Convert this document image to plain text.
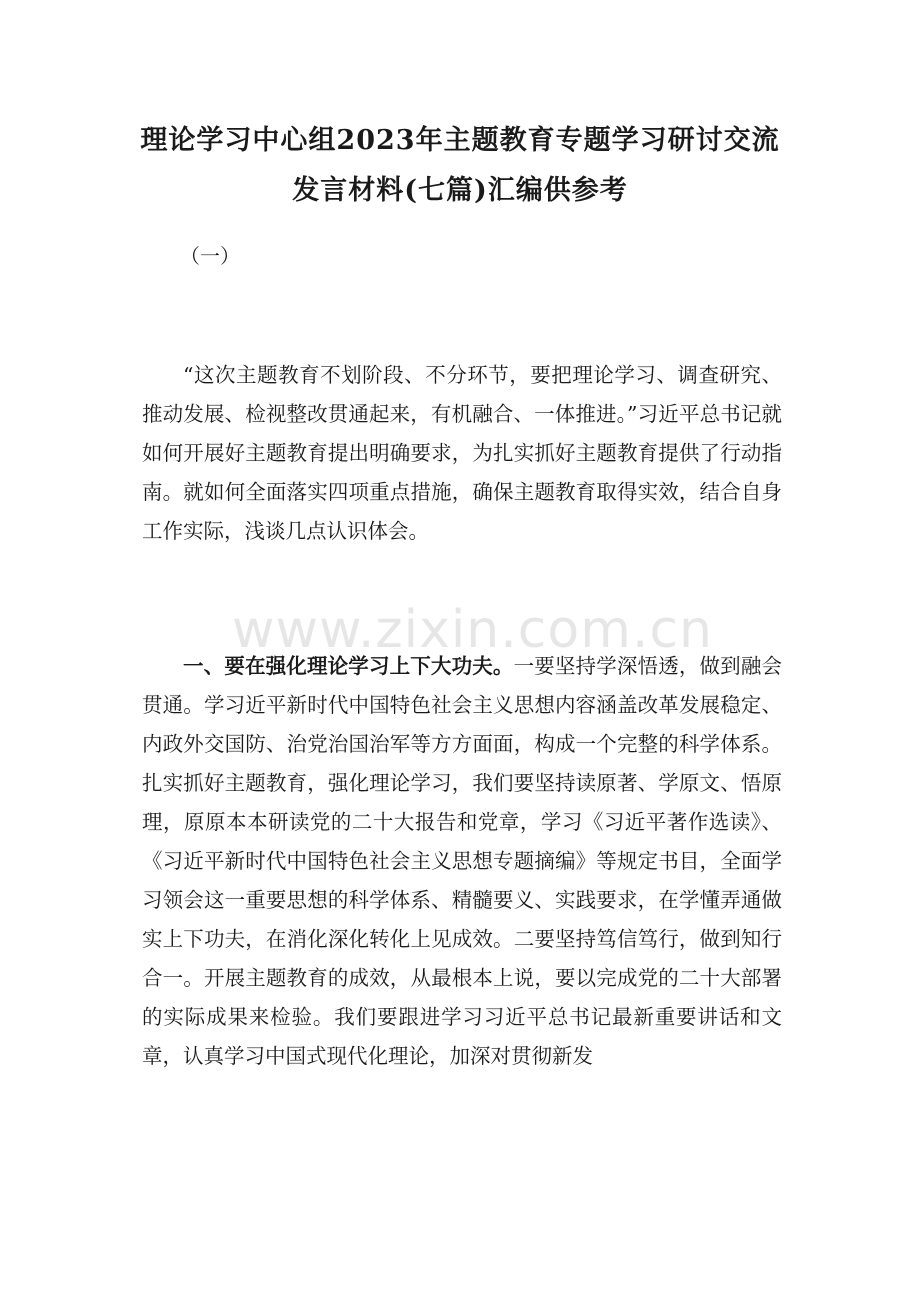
理论学习中心组2023年主题教育专题学习研讨交流
发言材料(七篇)汇编供参考

（一）

“这次主题教育不划阶段、不分环节，要把理论学习、调查研究、推动发展、检视整改贯通起来，有机融合、一体推进。”习近平总书记就如何开展好主题教育提出明确要求，为扎实抓好主题教育提供了行动指南。就如何全面落实四项重点措施，确保主题教育取得实效，结合自身工作实际，浅谈几点认识体会。

一、要在强化理论学习上下大功夫。一要坚持学深悟透，做到融会贯通。学习近平新时代中国特色社会主义思想内容涵盖改革发展稳定、内政外交国防、治党治国治军等方方面面，构成一个完整的科学体系。扎实抓好主题教育，强化理论学习，我们要坚持读原著、学原文、悟原理，原原本本研读党的二十大报告和党章，学习《习近平著作选读》、《习近平新时代中国特色社会主义思想专题摘编》等规定书目，全面学习领会这一重要思想的科学体系、精髓要义、实践要求，在学懂弄通做实上下功夫，在消化深化转化上见成效。二要坚持笃信笃行，做到知行合一。开展主题教育的成效，从最根本上说，要以完成党的二十大部署的实际成果来检验。我们要跟进学习习近平总书记最新重要讲话和文章，认真学习中国式现代化理论，加深对贯彻新发

www.zixin.com.cn
